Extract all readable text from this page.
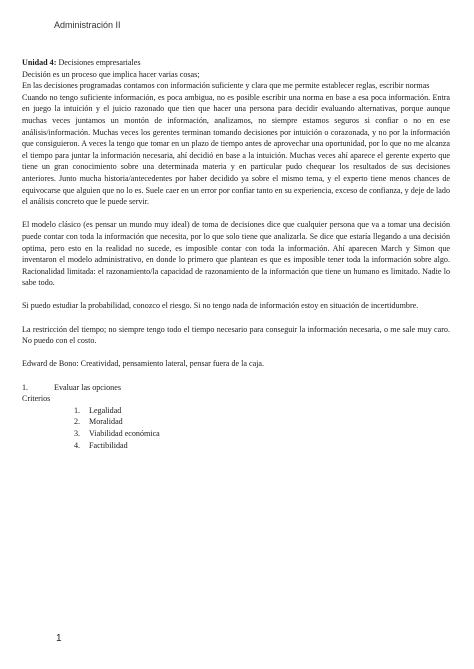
Administración II
Unidad 4: Decisiones empresariales
Decisión es un proceso que implica hacer varias cosas;
En las decisiones programadas contamos con información suficiente y clara que me permite establecer reglas, escribir normas
Cuando no tengo suficiente información, es poca ambigua, no es posible escribir una norma en base a esa poca información. Entra en juego la intuición y el juicio razonado que tien que hacer una persona para decidir evaluando alternativas, porque aunque muchas veces juntamos un montón de información, analizamos, no siempre estamos seguros si confiar o no en ese análisis/información. Muchas veces los gerentes terminan tomando decisiones por intuición o corazonada, y no por la información que consiguieron. A veces la tengo que tomar en un plazo de tiempo antes de aprovechar una oportunidad, por lo que no me alcanza el tiempo para juntar la información necesaria, ahí decidió en base a la intuición. Muchas veces ahí aparece el gerente experto que tiene un gran conocimiento sobre una determinada materia y en particular pudo chequear los resultados de sus decisiones anteriores. Junto mucha historia/antecedentes por haber decidido ya sobre el mismo tema, y el experto tiene menos chances de equivocarse que alguien que no lo es. Suele caer en un error por confiar tanto en su experiencia, exceso de confianza, y deje de lado el análisis concreto que le puede servir.
El modelo clásico (es pensar un mundo muy ideal) de toma de decisiones dice que cualquier persona que va a tomar una decisión puede contar con toda la información que necesita, por lo que solo tiene que analizarla. Se dice que estaría llegando a una decisión optima, pero esto en la realidad no sucede, es imposible contar con toda la información. Ahí aparecen March y Simon que inventaron el modelo administrativo, en donde lo primero que plantean es que es imposible tener toda la información sobre algo. Racionalidad limitada: el razonamiento/la capacidad de razonamiento de la información que tiene un humano es limitado. Nadie lo sabe todo.
Si puedo estudiar la probabilidad, conozco el riesgo. Si no tengo nada de información estoy en situación de incertidumbre.
La restricción del tiempo; no siempre tengo todo el tiempo necesario para conseguir la información necesaria, o me sale muy caro. No puedo con el costo.
Edward de Bono: Creatividad, pensamiento lateral, pensar fuera de la caja.
1.	Evaluar las opciones
Criterios
1. Legalidad
2. Moralidad
3. Viabilidad económica
4. Factibilidad
1
